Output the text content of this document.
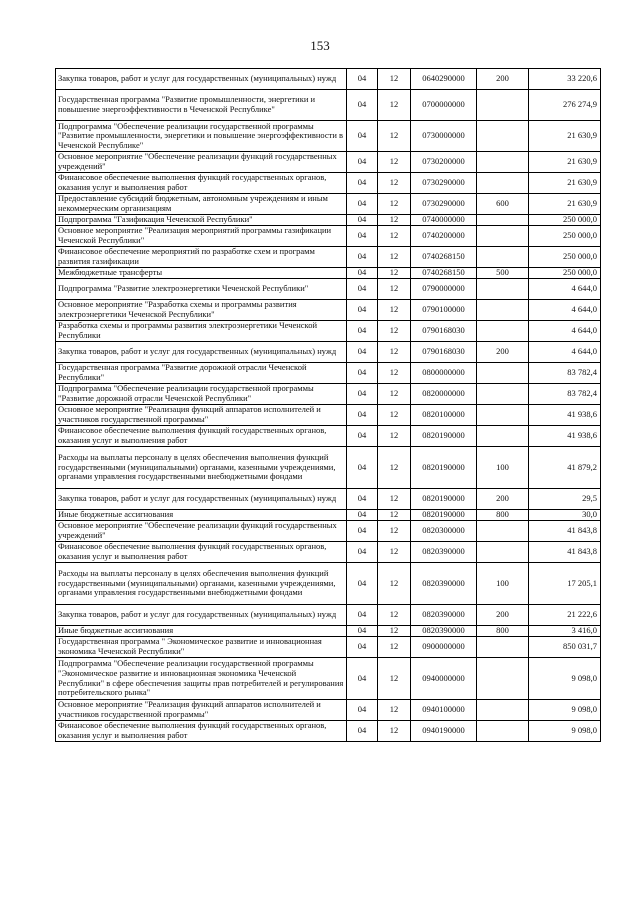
153
Закупка товаров, работ и услуг для государственных (муниципальных) нужд	04	12	0640290000	200	33 220,6
Государственная программа "Развитие промышленности, энергетики и повышение энергоэффективности в Чеченской Республике"	04	12	0700000000		276 274,9
Подпрограмма "Обеспечение реализации государственной программы "Развитие промышленности, энергетики и повышение энергоэффективности в Чеченской Республике"	04	12	0730000000		21 630,9
Основное мероприятие "Обеспечение реализации функций государственных учреждений"	04	12	0730200000		21 630,9
Финансовое обеспечение выполнения функций государственных органов, оказания услуг и выполнения работ	04	12	0730290000		21 630,9
Предоставление субсидий бюджетным, автономным учреждениям и иным некоммерческим организациям	04	12	0730290000	600	21 630,9
Подпрограмма "Газификация Чеченской Республики"	04	12	0740000000		250 000,0
Основное мероприятие "Реализация мероприятий программы газификации Чеченской Республики"	04	12	0740200000		250 000,0
Финансовое обеспечение мероприятий по разработке схем и программ развития газификации	04	12	0740268150		250 000,0
Межбюджетные трансферты	04	12	0740268150	500	250 000,0
Подпрограмма "Развитие электроэнергетики Чеченской Республики"	04	12	0790000000		4 644,0
Основное мероприятие "Разработка схемы и программы развития электроэнергетики Чеченской Республики"	04	12	0790100000		4 644,0
Разработка схемы и программы развития электроэнергетики Чеченской Республики	04	12	0790168030		4 644,0
Закупка товаров, работ и услуг для государственных (муниципальных) нужд	04	12	0790168030	200	4 644,0
Государственная программа "Развитие дорожной отрасли Чеченской Республики"	04	12	0800000000		83 782,4
Подпрограмма "Обеспечение реализации государственной программы "Развитие дорожной отрасли Чеченской Республики"	04	12	0820000000		83 782,4
Основное мероприятие "Реализация функций аппаратов исполнителей и участников государственной программы"	04	12	0820100000		41 938,6
Финансовое обеспечение выполнения функций государственных органов, оказания услуг и выполнения работ	04	12	0820190000		41 938,6
Расходы на выплаты персоналу в целях обеспечения выполнения функций государственными (муниципальными) органами, казенными учреждениями, органами управления государственными внебюджетными фондами	04	12	0820190000	100	41 879,2
Закупка товаров, работ и услуг для государственных (муниципальных) нужд	04	12	0820190000	200	29,5
Иные бюджетные ассигнования	04	12	0820190000	800	30,0
Основное мероприятие "Обеспечение реализации функций государственных учреждений"	04	12	0820300000		41 843,8
Финансовое обеспечение выполнения функций государственных органов, оказания услуг и выполнения работ	04	12	0820390000		41 843,8
Расходы на выплаты персоналу в целях обеспечения выполнения функций государственными (муниципальными) органами, казенными учреждениями, органами управления государственными внебюджетными фондами	04	12	0820390000	100	17 205,1
Закупка товаров, работ и услуг для государственных (муниципальных) нужд	04	12	0820390000	200	21 222,6
Иные бюджетные ассигнования	04	12	0820390000	800	3 416,0
Государственная программа " Экономическое развитие и инновационная экономика Чеченской Республики"	04	12	0900000000		850 031,7
Подпрограмма "Обеспечение реализации государственной программы "Экономическое развитие и инновационная экономика Чеченской Республики" в сфере обеспечения защиты прав потребителей и регулирования потребительского рынка"	04	12	0940000000		9 098,0
Основное мероприятие "Реализация функций аппаратов исполнителей и участников государственной программы"	04	12	0940100000		9 098,0
Финансовое обеспечение выполнения функций государственных органов, оказания услуг и выполнения работ	04	12	0940190000		9 098,0
